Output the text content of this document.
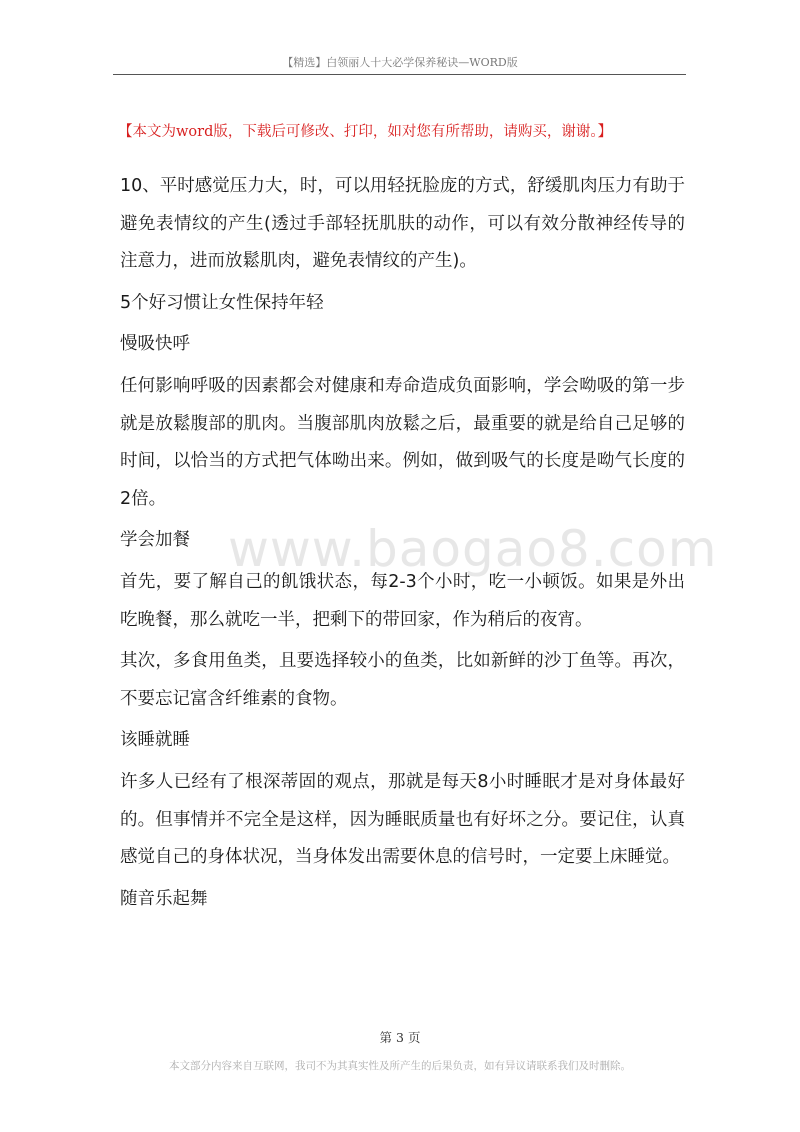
【精选】白领丽人十大必学保养秘诀—WORD版
【本文为word版，下载后可修改、打印，如对您有所帮助，请购买，谢谢。】
www.baogao8.com

10、平时感觉压力大，时，可以用轻抚脸庞的方式，舒缓肌肉压力有助于避免表情纹的产生(透过手部轻抚肌肤的动作，可以有效分散神经传导的注意力，进而放鬆肌肉，避免表情纹的产生)。

5个好习惯让女性保持年轻

慢吸快呼

任何影响呼吸的因素都会对健康和寿命造成负面影响，学会呦吸的第一步就是放鬆腹部的肌肉。当腹部肌肉放鬆之后，最重要的就是给自己足够的时间，以恰当的方式把气体呦出来。例如，做到吸气的长度是呦气长度的2倍。

学会加餐

首先，要了解自己的飢饿状态，每2-3个小时，吃一小顿饭。如果是外出吃晚餐，那么就吃一半，把剩下的带回家，作为稍后的夜宵。

其次，多食用鱼类，且要选择较小的鱼类，比如新鲜的沙丁鱼等。再次，不要忘记富含纤维素的食物。

该睡就睡

许多人已经有了根深蒂固的观点，那就是每天8小时睡眠才是对身体最好的。但事情并不完全是这样，因为睡眠质量也有好坏之分。要记住，认真感觉自己的身体状况，当身体发出需要休息的信号时，一定要上床睡觉。

随音乐起舞

第 3 页
本文部分内容来自互联网，我司不为其真实性及所产生的后果负责，如有异议请联系我们及时删除。
